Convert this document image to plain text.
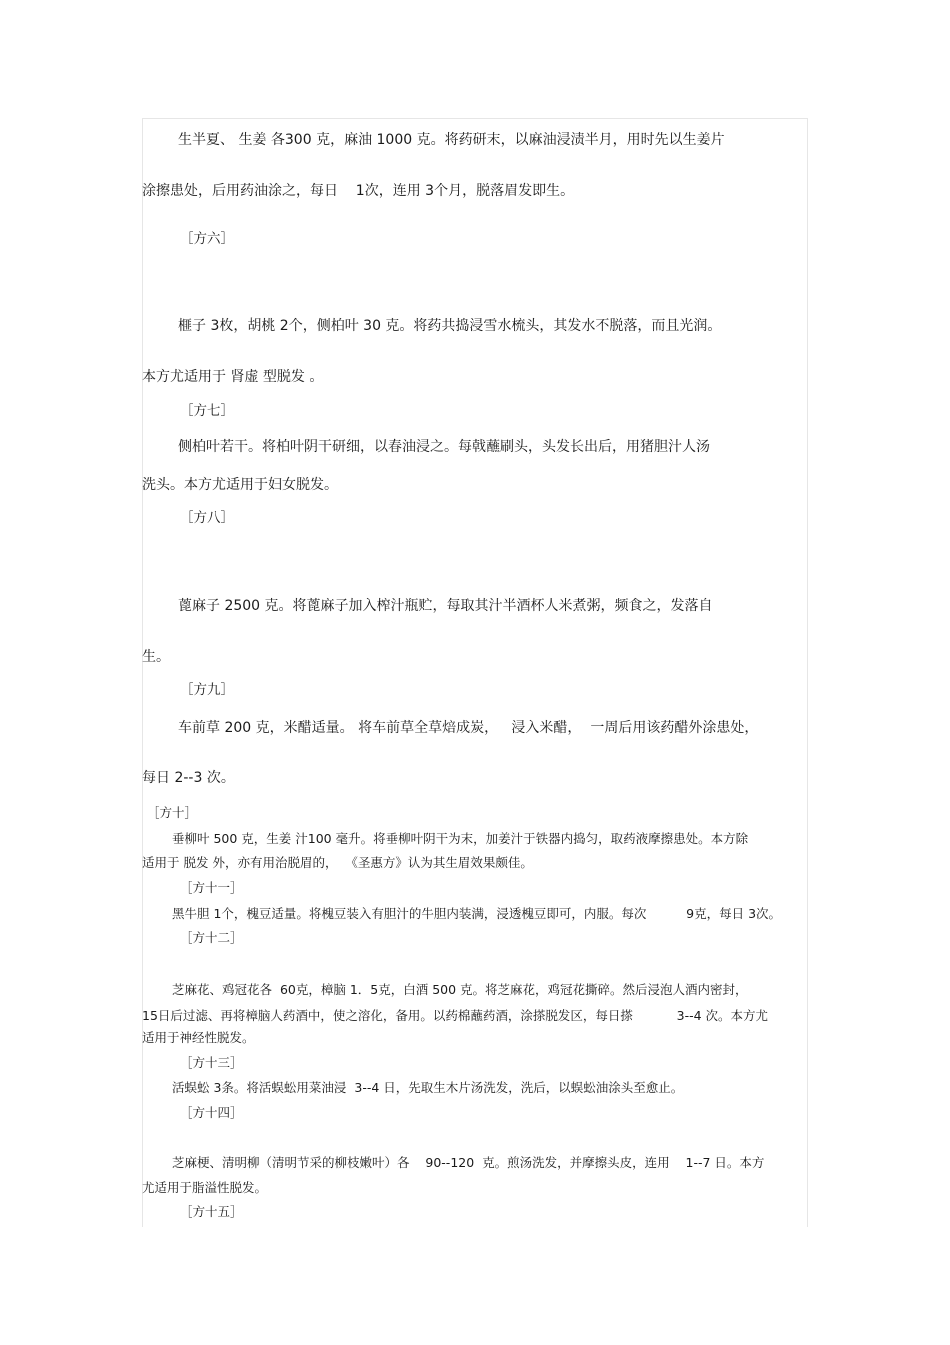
生半夏、 生姜 各300 克，麻油 1000 克。将药研末，以麻油浸渍半月，用时先以生姜片
涂擦患处，后用药油涂之，每日    1次，连用 3个月，脱落眉发即生。
［方六］
榧子 3枚，胡桃 2个，侧柏叶 30 克。将药共捣浸雪水梳头，其发水不脱落，而且光润。
本方尤适用于 肾虚 型脱发 。
［方七］
侧柏叶若干。将柏叶阴干研细，以春油浸之。每戟蘸刷头，头发长出后，用猪胆汁人汤
洗头。本方尤适用于妇女脱发。
［方八］
蓖麻子 2500 克。将蓖麻子加入榨汁瓶贮，每取其汁半酒杯人米煮粥，频食之，发落自
生。
［方九］
车前草 200 克，米醋适量。 将车前草全草焙成炭，   浸入米醋，  一周后用该药醋外涂患处，
每日 2--3 次。
［方十］
垂柳叶 500 克，生姜 汁100 毫升。将垂柳叶阴干为末，加姜汁于铁器内捣匀，取药液摩擦患处。本方除
适用于 脱发 外，亦有用治脱眉的，  《圣惠方》认为其生眉效果颇佳。
［方十一］
黑牛胆 1个，槐豆适量。将槐豆装入有胆汁的牛胆内装满，浸透槐豆即可，内服。每次          9克，每日 3次。
［方十二］
芝麻花、鸡冠花各  60克，樟脑 1．5克，白酒 500 克。将芝麻花，鸡冠花撕碎。然后浸泡人酒内密封，
15日后过滤、再将樟脑人药酒中，使之溶化，备用。以药棉蘸药酒，涂搽脱发区，每日搽           3--4 次。本方尤
适用于神经性脱发。
［方十三］
活蜈蚣 3条。将活蜈蚣用菜油浸  3--4 日，先取生木片汤洗发，洗后，以蜈蚣油涂头至愈止。
［方十四］
芝麻梗、清明柳（清明节采的柳枝嫩叶）各    90--120  克。煎汤洗发，并摩擦头皮，连用    1--7 日。本方
尤适用于脂溢性脱发。
［方十五］
